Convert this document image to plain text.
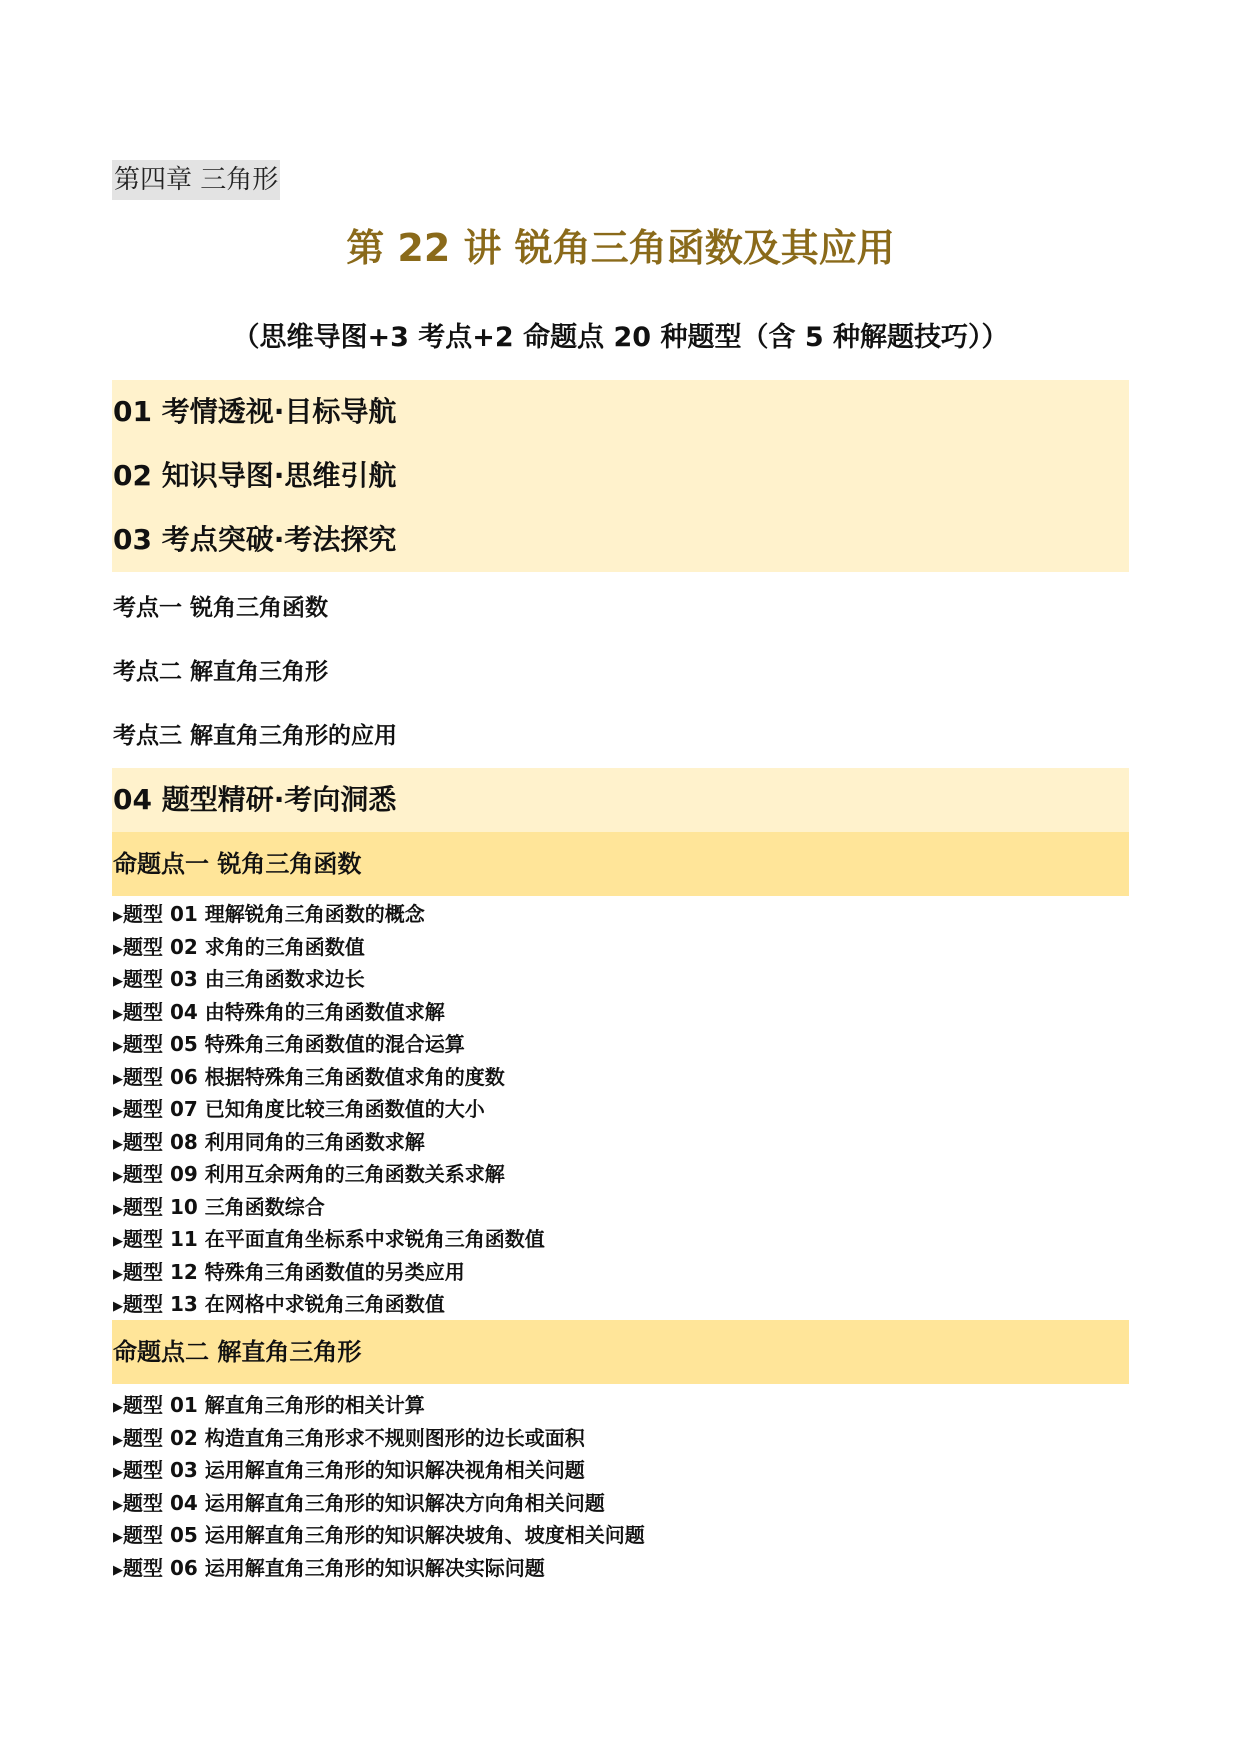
第四章 三角形
第 22 讲 锐角三角函数及其应用
（思维导图+3 考点+2 命题点 20 种题型（含 5 种解题技巧））
01 考情透视·目标导航
02 知识导图·思维引航
03 考点突破·考法探究
考点一 锐角三角函数
考点二 解直角三角形
考点三 解直角三角形的应用
04 题型精研·考向洞悉
命题点一 锐角三角函数
▶题型 01 理解锐角三角函数的概念
▶题型 02 求角的三角函数值
▶题型 03 由三角函数求边长
▶题型 04 由特殊角的三角函数值求解
▶题型 05 特殊角三角函数值的混合运算
▶题型 06 根据特殊角三角函数值求角的度数
▶题型 07 已知角度比较三角函数值的大小
▶题型 08 利用同角的三角函数求解
▶题型 09 利用互余两角的三角函数关系求解
▶题型 10 三角函数综合
▶题型 11 在平面直角坐标系中求锐角三角函数值
▶题型 12 特殊角三角函数值的另类应用
▶题型 13 在网格中求锐角三角函数值
命题点二 解直角三角形
▶题型 01 解直角三角形的相关计算
▶题型 02 构造直角三角形求不规则图形的边长或面积
▶题型 03 运用解直角三角形的知识解决视角相关问题
▶题型 04 运用解直角三角形的知识解决方向角相关问题
▶题型 05 运用解直角三角形的知识解决坡角、坡度相关问题
▶题型 06 运用解直角三角形的知识解决实际问题
